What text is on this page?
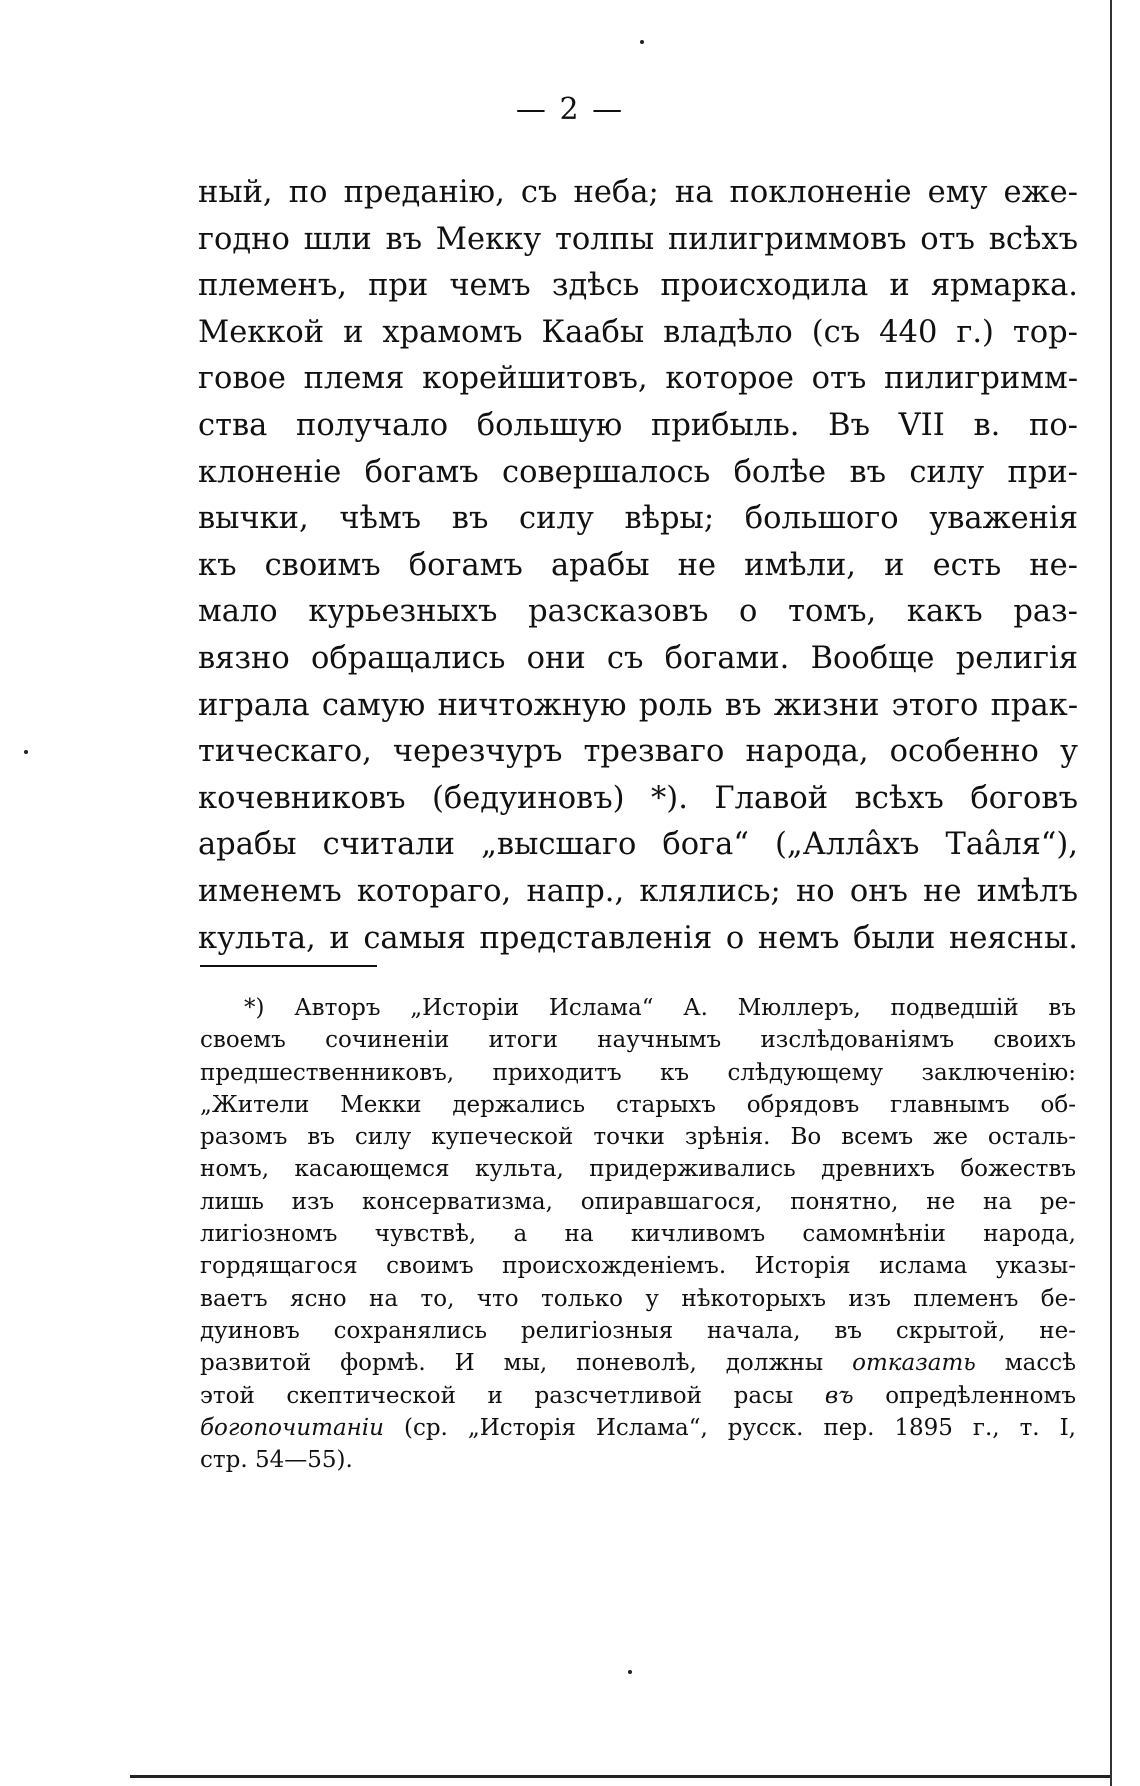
— 2 —
ный, по преданію, съ неба; на поклоненіе ему ежe-
годно шли въ Мекку толпы пилигриммовъ отъ всѣхъ
племенъ, при чемъ здѣсь происходила и ярмарка.
Меккой и храмомъ Каабы владѣло (съ 440 г.) тор-
говое племя корейшитовъ, которое отъ пилигримм-
ства получало большую прибыль. Въ VII в. по-
клоненіе богамъ совершалось болѣе въ силу при-
вычки, чѣмъ въ силу вѣры; большого уваженія
къ своимъ богамъ арабы не имѣли, и есть не-
мало курьезныхъ разсказовъ о томъ, какъ раз-
вязно обращались они съ богами. Вообще религія
играла самую ничтожную роль въ жизни этого прак-
тическаго, черезчуръ трезваго народа, особенно у
кочевниковъ (бедуиновъ) *). Главой всѣхъ боговъ
арабы считали „высшаго бога“ („Аллâхъ Таâля“),
именемъ котораго, напр., клялись; но онъ не имѣлъ
культа, и самыя представленія о немъ были неясны.
*) Авторъ „Исторіи Ислама“ А. Мюллеръ, подведшій въ
своемъ сочиненіи итоги научнымъ изслѣдованіямъ своихъ
предшественниковъ, приходитъ къ слѣдующему заключенію:
„Жители Мекки держались старыхъ обрядовъ главнымъ об-
разомъ въ силу купеческой точки зрѣнія. Во всемъ же осталь-
номъ, касающемся культа, придерживались древнихъ божествъ
лишь изъ консерватизма, опиравшагося, понятно, не на ре-
лигіозномъ чувствѣ, а на кичливомъ самомнѣніи народа,
гордящагося своимъ происхожденіемъ. Исторія ислама указы-
ваетъ ясно на то, что только у нѣкоторыхъ изъ племенъ бе-
дуиновъ сохранялись религіозныя начала, въ скрытой, не-
развитой формѣ. И мы, поневолѣ, должны отказать массѣ
этой скептической и разсчетливой расы въ опредѣленномъ
богопочитаніи (ср. „Исторія Ислама“, русск. пер. 1895 г., т. I,
стр. 54—55).
